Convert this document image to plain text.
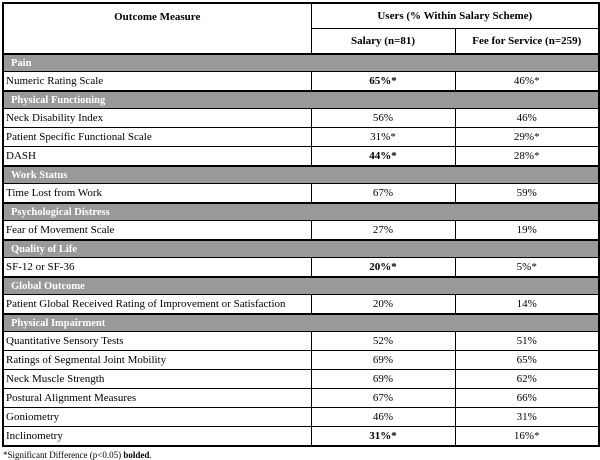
Outcome Measure	Users (% Within Salary Scheme)	
	Salary (n=81)	Fee for Service (n=259)
Pain		
Numeric Rating Scale	65%*	46%*
Physical Functioning		
Neck Disability Index	56%	46%
Patient Specific Functional Scale	31%*	29%*
DASH	44%*	28%*
Work Status		
Time Lost from Work	67%	59%
Psychological Distress		
Fear of Movement Scale	27%	19%
Quality of Life		
SF-12 or SF-36	20%*	5%*
Global Outcome		
Patient Global Received Rating of Improvement or Satisfaction	20%	14%
Physical Impairment		
Quantitative Sensory Tests	52%	51%
Ratings of Segmental Joint Mobility	69%	65%
Neck Muscle Strength	69%	62%
Postural Alignment Measures	67%	66%
Goniometry	46%	31%
Inclinometry	31%*	16%*
*Significant Difference (p<0.05) bolded.
